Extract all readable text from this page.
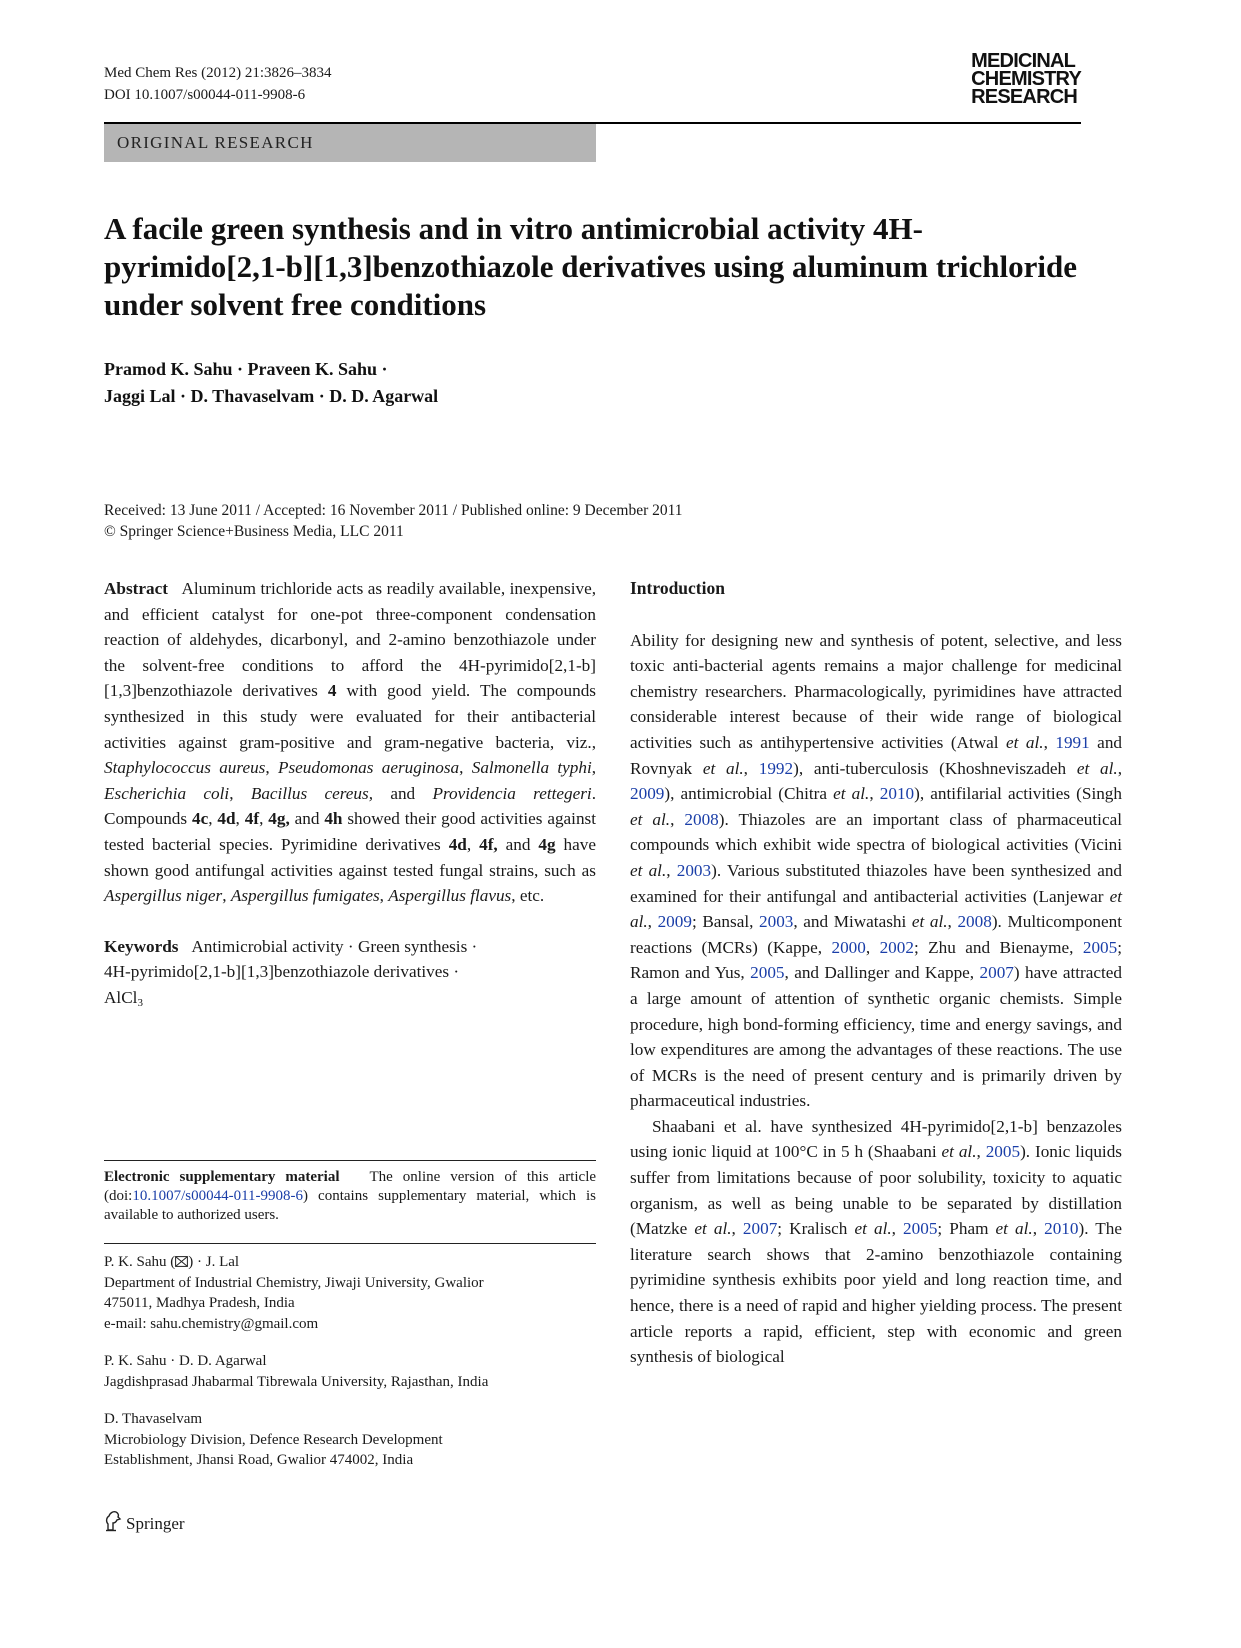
Med Chem Res (2012) 21:3826–3834
DOI 10.1007/s00044-011-9908-6
MEDICINAL
CHEMISTRY
RESEARCH
ORIGINAL RESEARCH
A facile green synthesis and in vitro antimicrobial activity 4H-pyrimido[2,1-b][1,3]benzothiazole derivatives using aluminum trichloride under solvent free conditions
Pramod K. Sahu · Praveen K. Sahu ·
Jaggi Lal · D. Thavaselvam · D. D. Agarwal
Received: 13 June 2011 / Accepted: 16 November 2011 / Published online: 9 December 2011
© Springer Science+Business Media, LLC 2011

Abstract Aluminum trichloride acts as readily available, inexpensive, and efficient catalyst for one-pot three-component condensation reaction of aldehydes, dicarbonyl, and 2-amino benzothiazole under the solvent-free conditions to afford the 4H-pyrimido[2,1-b][1,3]benzothiazole derivatives 4 with good yield. The compounds synthesized in this study were evaluated for their antibacterial activities against gram-positive and gram-negative bacteria, viz., Staphylococcus aureus, Pseudomonas aeruginosa, Salmonella typhi, Escherichia coli, Bacillus cereus, and Providencia rettegeri. Compounds 4c, 4d, 4f, 4g, and 4h showed their good activities against tested bacterial species. Pyrimidine derivatives 4d, 4f, and 4g have shown good antifungal activities against tested fungal strains, such as Aspergillus niger, Aspergillus fumigates, Aspergillus flavus, etc.

Keywords Antimicrobial activity · Green synthesis ·
4H-pyrimido[2,1-b][1,3]benzothiazole derivatives ·
AlCl$_3$

Electronic supplementary material The online version of this article (doi:10.1007/s00044-011-9908-6) contains supplementary material, which is available to authorized users.
P. K. Sahu ( ) · J. Lal
Department of Industrial Chemistry, Jiwaji University, Gwalior
475011, Madhya Pradesh, India
e-mail: sahu.chemistry@gmail.com
P. K. Sahu · D. D. Agarwal
Jagdishprasad Jhabarmal Tibrewala University, Rajasthan, India
D. Thavaselvam
Microbiology Division, Defence Research Development
Establishment, Jhansi Road, Gwalior 474002, India
Springer

Introduction

Ability for designing new and synthesis of potent, selective, and less toxic anti-bacterial agents remains a major challenge for medicinal chemistry researchers. Pharmacologically, pyrimidines have attracted considerable interest because of their wide range of biological activities such as antihypertensive activities (Atwal et al., 1991 and Rovnyak et al., 1992), anti-tuberculosis (Khoshneviszadeh et al., 2009), antimicrobial (Chitra et al., 2010), antifilarial activities (Singh et al., 2008). Thiazoles are an important class of pharmaceutical compounds which exhibit wide spectra of biological activities (Vicini et al., 2003). Various substituted thiazoles have been synthesized and examined for their antifungal and antibacterial activities (Lanjewar et al., 2009; Bansal, 2003, and Miwatashi et al., 2008). Multicomponent reactions (MCRs) (Kappe, 2000, 2002; Zhu and Bienayme, 2005; Ramon and Yus, 2005, and Dallinger and Kappe, 2007) have attracted a large amount of attention of synthetic organic chemists. Simple procedure, high bond-forming efficiency, time and energy savings, and low expenditures are among the advantages of these reactions. The use of MCRs is the need of present century and is primarily driven by pharmaceutical industries.

Shaabani et al. have synthesized 4H-pyrimido[2,1-b] benzazoles using ionic liquid at 100°C in 5 h (Shaabani et al., 2005). Ionic liquids suffer from limitations because of poor solubility, toxicity to aquatic organism, as well as being unable to be separated by distillation (Matzke et al., 2007; Kralisch et al., 2005; Pham et al., 2010). The literature search shows that 2-amino benzothiazole containing pyrimidine synthesis exhibits poor yield and long reaction time, and hence, there is a need of rapid and higher yielding process. The present article reports a rapid, efficient, step with economic and green synthesis of biological
